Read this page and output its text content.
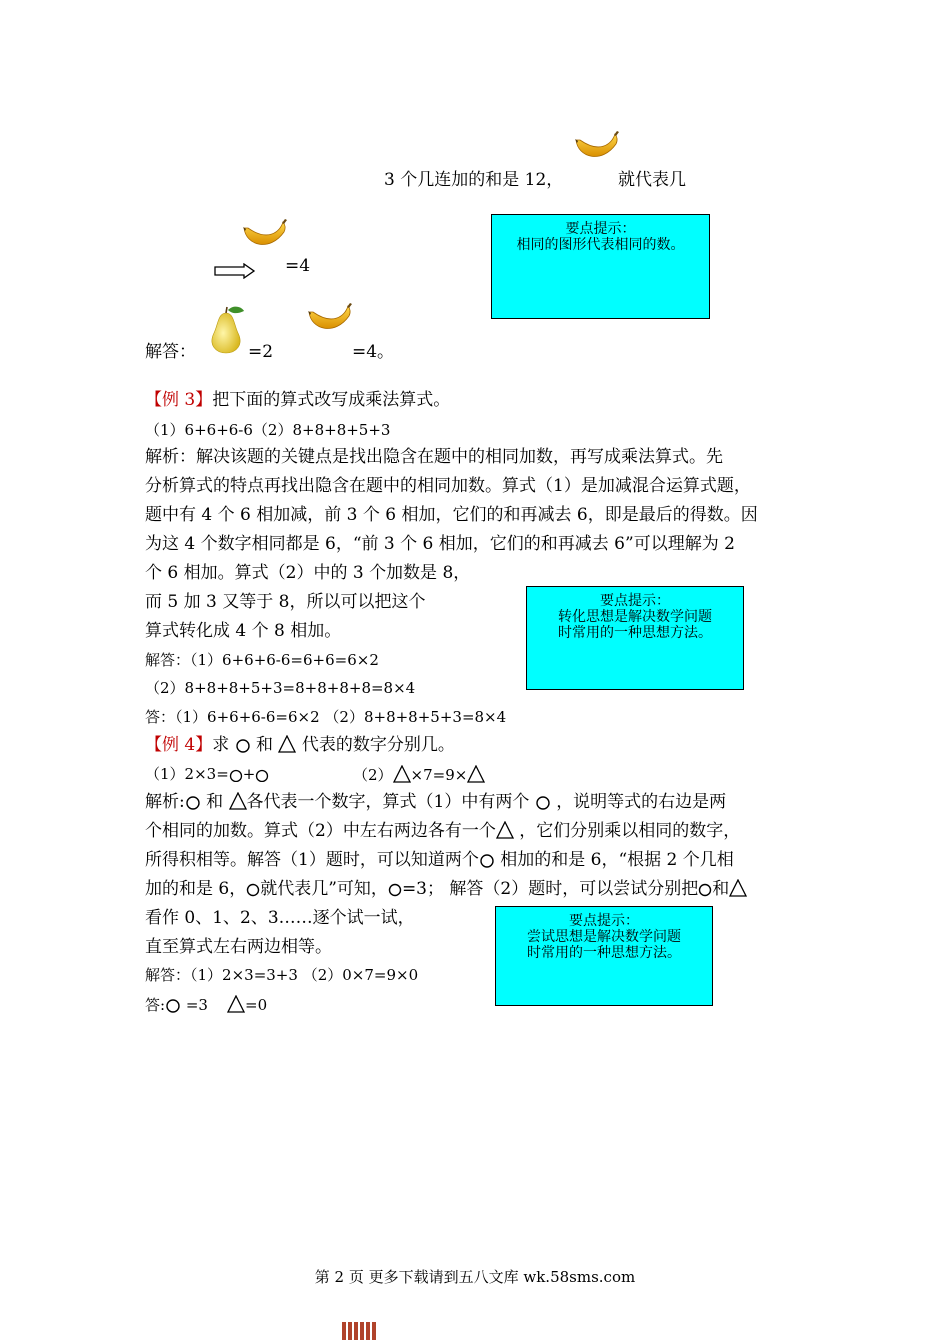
3 个几连加的和是 12，	就代表几
=4
要点提示：
相同的图形代表相同的数。
解答：	=2	=4。
【例 3】把下面的算式改写成乘法算式。
（1）6+6+6-6（2）8+8+8+5+3
解析：解决该题的关键点是找出隐含在题中的相同加数，再写成乘法算式。先
分析算式的特点再找出隐含在题中的相同加数。算式（1）是加减混合运算式题，
题中有 4 个 6 相加减，前 3 个 6 相加，它们的和再减去 6，即是最后的得数。因
为这 4 个数字相同都是 6，“前 3 个 6 相加，它们的和再减去 6”可以理解为 2
个 6 相加。算式（2）中的 3 个加数是 8，
而 5 加 3 又等于 8，所以可以把这个
算式转化成 4 个 8 相加。
解答：（1）6+6+6-6=6+6=6×2
（2）8+8+8+5+3=8+8+8+8=8×4
答：（1）6+6+6-6=6×2 （2）8+8+8+5+3=8×4
要点提示：
转化思想是解决数学问题
时常用的一种思想方法。
【例 4】求 和 代表的数字分别几。
（1）2×3= +	（2） ×7=9×
解析: 和 各代表一个数字，算式（1）中有两个 ，说明等式的右边是两
个相同的加数。算式（2）中左右两边各有一个 ，它们分别乘以相同的数字，
所得积相等。解答（1）题时，可以知道两个 相加的和是 6，“根据 2 个几相
加的和是 6， 就代表几”可知， =3； 解答（2）题时，可以尝试分别把 和
看作 0、1、2、3……逐个试一试，
直至算式左右两边相等。
解答：（1）2×3=3+3 （2）0×7=9×0
答: =3 =0
要点提示：
尝试思想是解决数学问题
时常用的一种思想方法。
第 2 页 更多下载请到五八文库 wk.58sms.com
